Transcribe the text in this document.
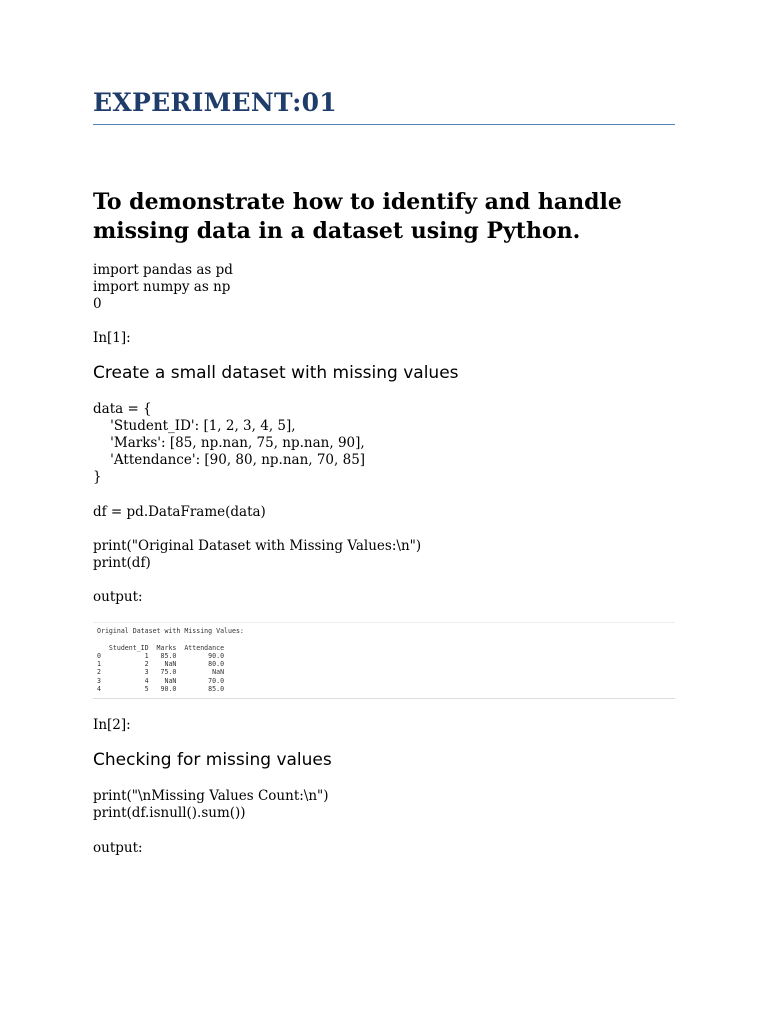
EXPERIMENT:01
To demonstrate how to identify and handle missing data in a dataset using Python.
import pandas as pd
import numpy as np
0
In[1]:
Create a small dataset with missing values
data = {
'Student_ID': [1, 2, 3, 4, 5],
'Marks': [85, np.nan, 75, np.nan, 90],
'Attendance': [90, 80, np.nan, 70, 85]
}
df = pd.DataFrame(data)
print("Original Dataset with Missing Values:\n")
print(df)
output:
Original Dataset with Missing Values:

Student_ID  Marks  Attendance
0           1   85.0        90.0
1           2    NaN        80.0
2           3   75.0         NaN
3           4    NaN        70.0
4           5   90.0        85.0
In[2]:
Checking for missing values
print("\nMissing Values Count:\n")
print(df.isnull().sum())
output:
